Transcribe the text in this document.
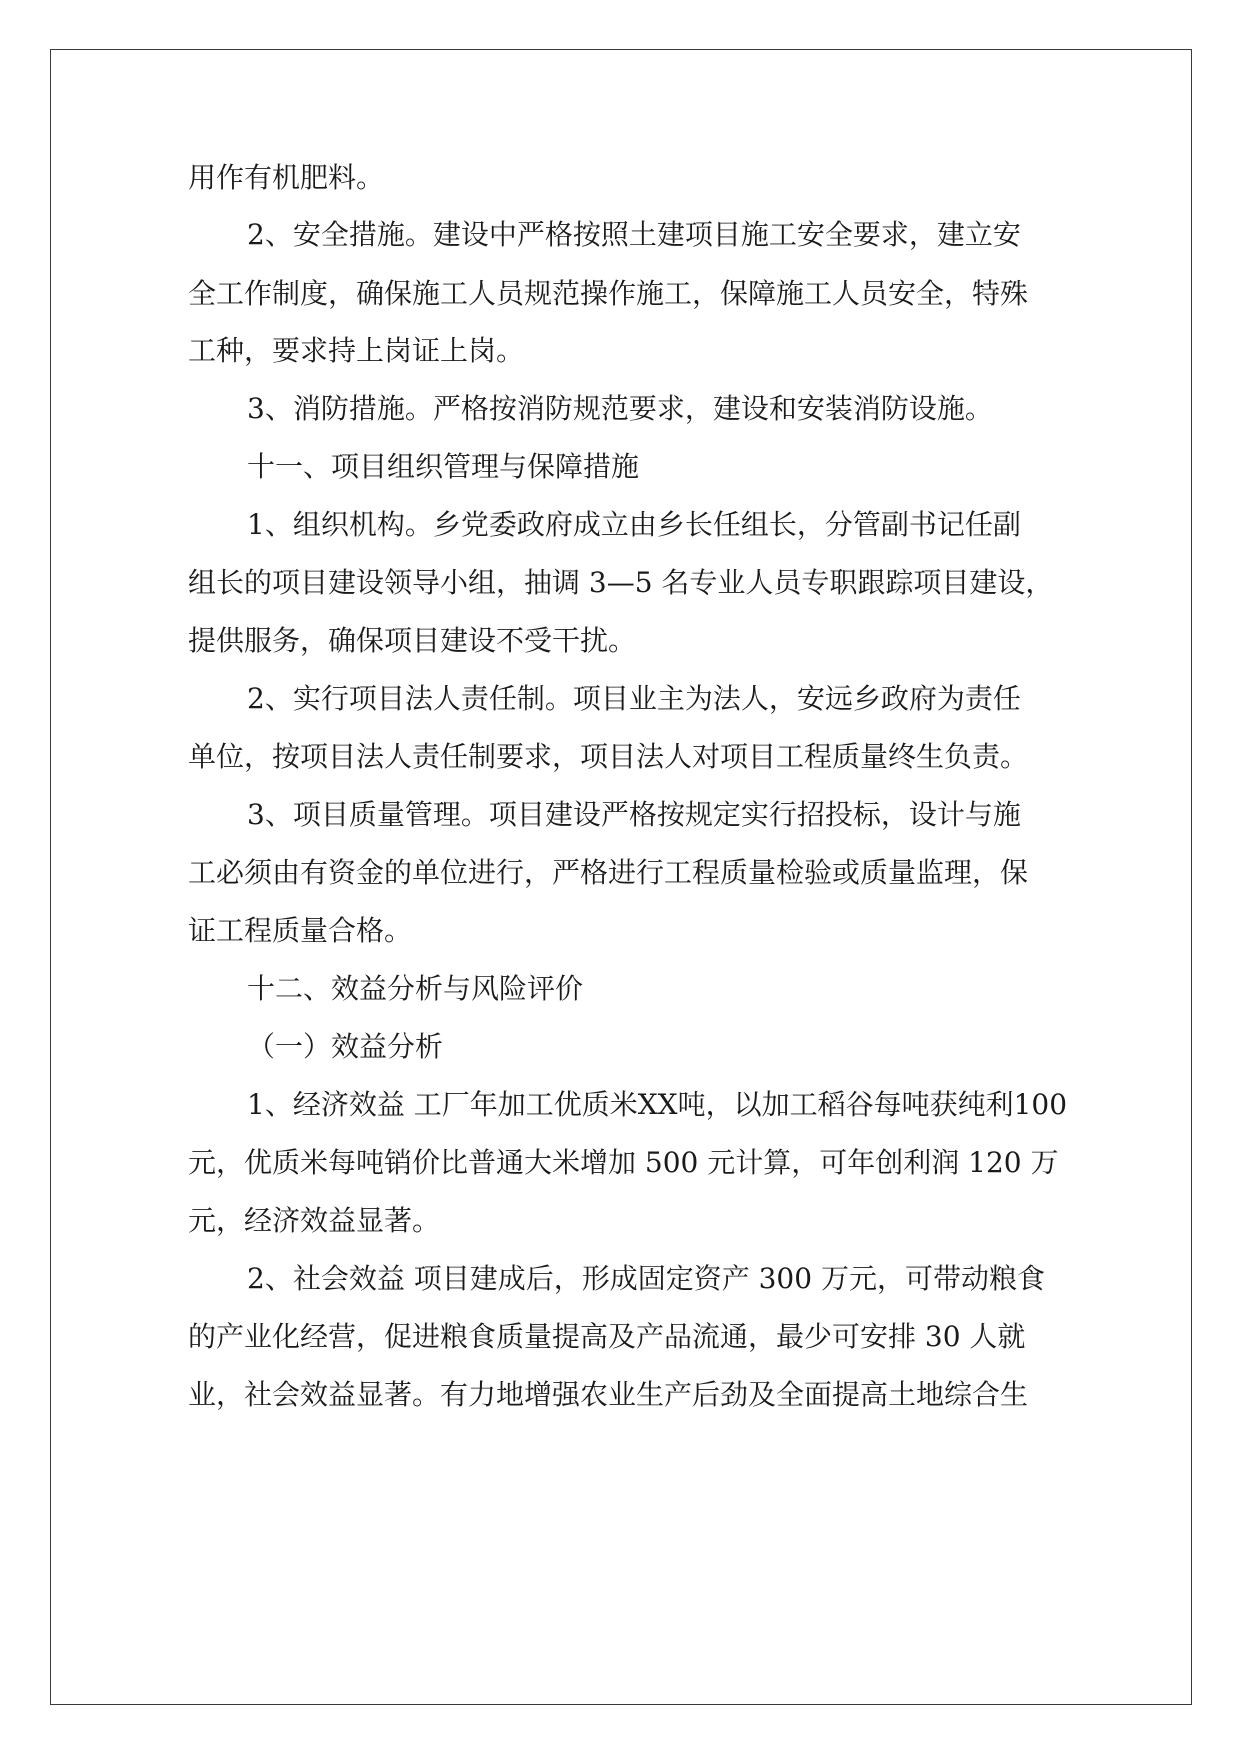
用作有机肥料。
2、安全措施。建设中严格按照土建项目施工安全要求，建立安
全工作制度，确保施工人员规范操作施工，保障施工人员安全，特殊
工种，要求持上岗证上岗。
3、消防措施。严格按消防规范要求，建设和安装消防设施。
十一、项目组织管理与保障措施
1、组织机构。乡党委政府成立由乡长任组长，分管副书记任副
组长的项目建设领导小组，抽调 3—5 名专业人员专职跟踪项目建设，
提供服务，确保项目建设不受干扰。
2、实行项目法人责任制。项目业主为法人，安远乡政府为责任
单位，按项目法人责任制要求，项目法人对项目工程质量终生负责。
3、项目质量管理。项目建设严格按规定实行招投标，设计与施
工必须由有资金的单位进行，严格进行工程质量检验或质量监理，保
证工程质量合格。
十二、效益分析与风险评价
（一）效益分析
1、经济效益 工厂年加工优质米XX吨，以加工稻谷每吨获纯利100
元，优质米每吨销价比普通大米增加 500 元计算，可年创利润 120 万
元，经济效益显著。
2、社会效益 项目建成后，形成固定资产 300 万元，可带动粮食
的产业化经营，促进粮食质量提高及产品流通，最少可安排 30 人就
业，社会效益显著。有力地增强农业生产后劲及全面提高土地综合生
